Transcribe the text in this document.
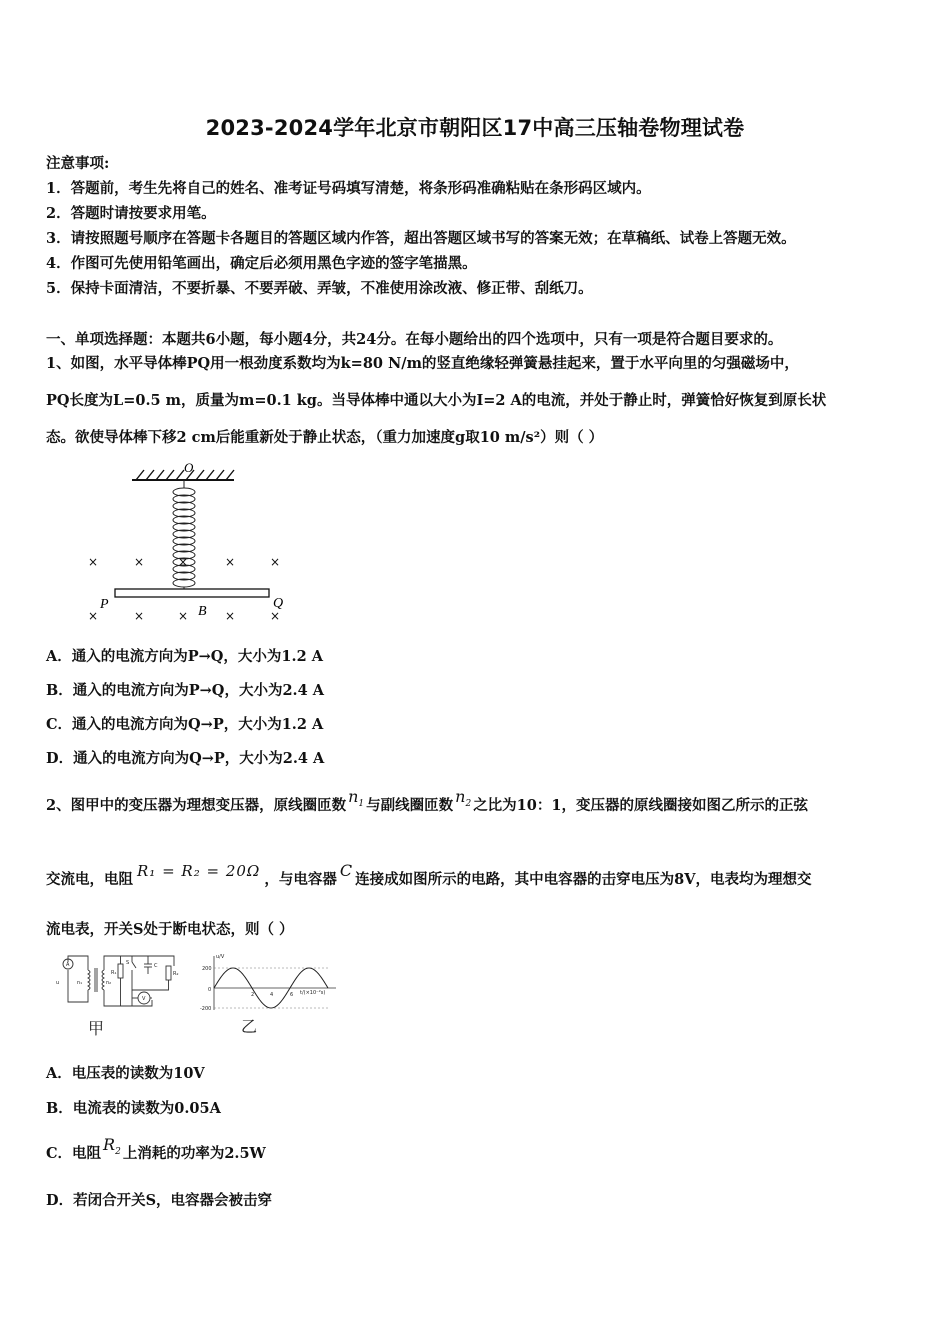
2023-2024学年北京市朝阳区17中高三压轴卷物理试卷
注意事项:
1．答题前，考生先将自己的姓名、准考证号码填写清楚，将条形码准确粘贴在条形码区域内。
2．答题时请按要求用笔。
3．请按照题号顺序在答题卡各题目的答题区域内作答，超出答题区域书写的答案无效；在草稿纸、试卷上答题无效。
4．作图可先使用铅笔画出，确定后必须用黑色字迹的签字笔描黑。
5．保持卡面清洁，不要折暴、不要弄破、弄皱，不准使用涂改液、修正带、刮纸刀。
一、单项选择题：本题共6小题，每小题4分，共24分。在每小题给出的四个选项中，只有一项是符合题目要求的。
1、如图，水平导体棒PQ用一根劲度系数均为k=80 N/m的竖直绝缘轻弹簧悬挂起来，置于水平向里的匀强磁场中，
PQ长度为L=0.5 m，质量为m=0.1 kg。当导体棒中通以大小为I=2 A的电流，并处于静止时，弹簧恰好恢复到原长状
态。欲使导体棒下移2 cm后能重新处于静止状态，（重力加速度g取10 m/s²）则（ ）
O
×	×	×	×	×
×	×	×	×	×
P	Q
B
A．通入的电流方向为P→Q，大小为1.2 A
B．通入的电流方向为P→Q，大小为2.4 A
C．通入的电流方向为Q→P，大小为1.2 A
D．通入的电流方向为Q→P，大小为2.4 A
2、图甲中的变压器为理想变压器，原线圈匝数 $n_1$ 与副线圈匝数 $n_2$ 之比为10：1，变压器的原线圈接如图乙所示的正弦
交流电，电阻 R₁ = R₂ = 20Ω ，与电容器 C 连接成如图所示的电路，其中电容器的击穿电压为8V，电表均为理想交
流电表，开关S处于断电状态，则（ ）
A
V
S	C
R₁	R₂
u	n₁	n₂
甲
u/V
200
0
-200
2	4	6 t/(×10⁻²s)
乙
A．电压表的读数为10V
B．电流表的读数为0.05A
C．电阻 $R_2$ 上消耗的功率为2.5W
D．若闭合开关S，电容器会被击穿
